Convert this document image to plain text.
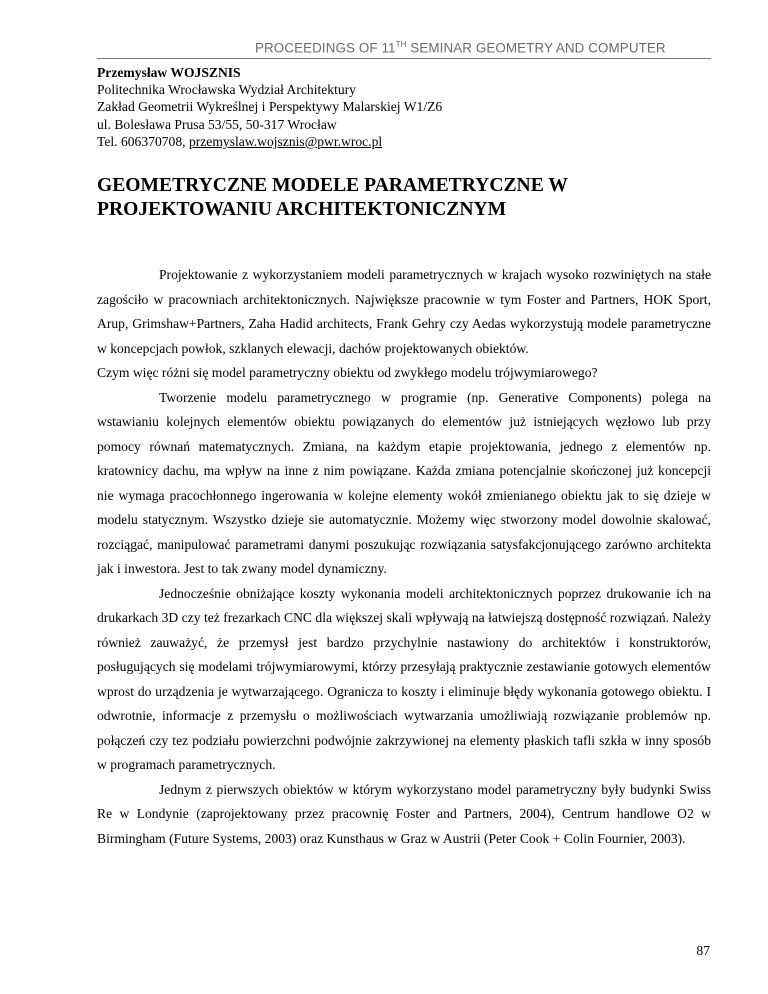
PROCEEDINGS OF 11TH SEMINAR GEOMETRY AND COMPUTER
Przemysław WOJSZNIS
Politechnika Wrocławska Wydział Architektury
Zakład Geometrii Wykreślnej i Perspektywy Malarskiej W1/Z6
ul. Bolesława Prusa 53/55, 50-317 Wrocław
Tel. 606370708, przemyslaw.wojsznis@pwr.wroc.pl
GEOMETRYCZNE MODELE PARAMETRYCZNE W
PROJEKTOWANIU ARCHITEKTONICZNYM

Projektowanie z wykorzystaniem modeli parametrycznych w krajach wysoko rozwiniętych na stałe zagościło w pracowniach architektonicznych. Największe pracownie w tym Foster and Partners, HOK Sport, Arup, Grimshaw+Partners, Zaha Hadid architects, Frank Gehry czy Aedas wykorzystują modele parametryczne w koncepcjach powłok, szklanych elewacji, dachów projektowanych obiektów.

Czym więc różni się model parametryczny obiektu od zwykłego modelu trójwymiarowego?

Tworzenie modelu parametrycznego w programie (np. Generative Components) polega na wstawianiu kolejnych elementów obiektu powiązanych do elementów już istniejących węzłowo lub przy pomocy równań matematycznych. Zmiana, na każdym etapie projektowania, jednego z elementów np. kratownicy dachu, ma wpływ na inne z nim powiązane. Każda zmiana potencjalnie skończonej już koncepcji nie wymaga pracochłonnego ingerowania w kolejne elementy wokół zmienianego obiektu jak to się dzieje w modelu statycznym. Wszystko dzieje sie automatycznie. Możemy więc stworzony model dowolnie skalować, rozciągać, manipulować parametrami danymi poszukując rozwiązania satysfakcjonującego zarówno architekta jak i inwestora. Jest to tak zwany model dynamiczny.

Jednocześnie obniżające koszty wykonania modeli architektonicznych poprzez drukowanie ich na drukarkach 3D czy też frezarkach CNC dla większej skali wpływają na łatwiejszą dostępność rozwiązań. Należy również zauważyć, że przemysł jest bardzo przychylnie nastawiony do architektów i konstruktorów, posługujących się modelami trójwymiarowymi, którzy przesyłają praktycznie zestawianie gotowych elementów wprost do urządzenia je wytwarzającego. Ogranicza to koszty i eliminuje błędy wykonania gotowego obiektu. I odwrotnie, informacje z przemysłu o możliwościach wytwarzania umożliwiają rozwiązanie problemów np. połączeń czy tez podziału powierzchni podwójnie zakrzywionej na elementy płaskich tafli szkła w inny sposób w programach parametrycznych.

Jednym z pierwszych obiektów w którym wykorzystano model parametryczny były budynki Swiss Re w Londynie (zaprojektowany przez pracownię Foster and Partners, 2004), Centrum handlowe O2 w Birmingham (Future Systems, 2003) oraz Kunsthaus w Graz w Austrii (Peter Cook + Colin Fournier, 2003).

87
